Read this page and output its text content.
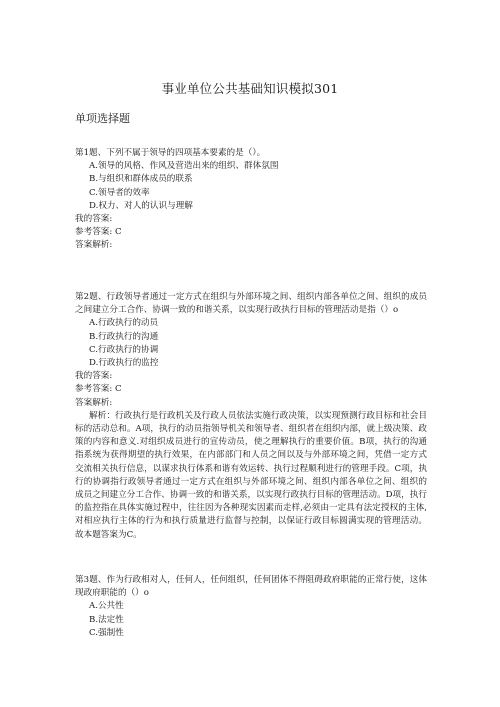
事业单位公共基础知识模拟301
单项选择题
第1题、下列不属于领导的四项基本要素的是（）。
A.领导的风格、作风及营造出来的组织、群体氛围
B.与组织和群体成员的联系
C.领导者的效率
D.权力、对人的认识与理解
我的答案:
参考答案: C
答案解析:
第2题、行政领导者通过一定方式在组织与外部环境之间、组织内部各单位之间、组织的成员之间建立分工合作、协调一致的和谐关系，以实现行政执行目标的管理活动是指（）o
A.行政执行的动员
B.行政执行的沟通
C.行政执行的协调
D.行政执行的监控
我的答案:
参考答案: C
答案解析:
解析：行政执行是行政机关及行政人员依法实施行政决策，以实现预测行政目标和社会目标的活动总和。A项，执行的动员指领导机关和领导者、组织者在组织内部，就上级决策、政策的内容和意义.对组织成员进行的宣传动员，使之理解执行的重要价值。B项，执行的沟通指系统为获得期望的执行效果，在内部部门和人员之间以及与外部环境之间，凭借一定方式交流相关执行信息，以谋求执行体系和谐有效运转、执行过程顺利进行的管理手段。C项，执行的协调指行政领导者通过一定方式在组织与外部环境之间、组织内部各单位之间、组织的成员之间建立分工合作、协调一致的和谐关系，以实现行政执行目标的管理活动。D项，执行的监控指在具体实施过程中，往往因为各种现实因素而走样,必须由一定具有法定授权的主体,对相应执行主体的行为和执行质量进行监督与控制，以保证行政目标圆满实现的管理活动。故本题答案为C。
第3题、作为行政相对人，任何人，任何组织，任何团体不得阻碍政府职能的正常行使，这体现政府职能的（）o
A.公共性
B.法定性
C.强制性
